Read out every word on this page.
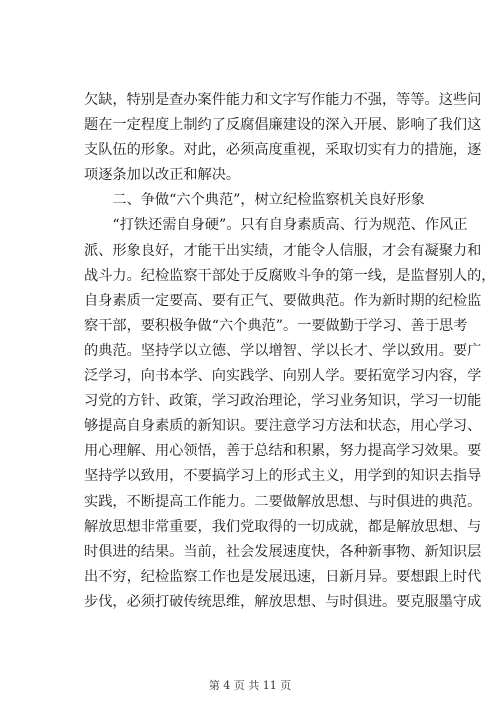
欠缺，特别是查办案件能力和文字写作能力不强，等等。这些问
题在一定程度上制约了反腐倡廉建设的深入开展、影响了我们这
支队伍的形象。对此，必须高度重视，采取切实有力的措施，逐
项逐条加以改正和解决。
　　二、争做“六个典范”，树立纪检监察机关良好形象
　　“打铁还需自身硬”。只有自身素质高、行为规范、作风正
派、形象良好，才能干出实绩，才能令人信服，才会有凝聚力和
战斗力。纪检监察干部处于反腐败斗争的第一线，是监督别人的，
自身素质一定要高、要有正气、要做典范。作为新时期的纪检监
察干部，要积极争做“六个典范”。一要做勤于学习、善于思考
的典范。坚持学以立德、学以增智、学以长才、学以致用。要广
泛学习，向书本学、向实践学、向别人学。要拓宽学习内容，学
习党的方针、政策，学习政治理论，学习业务知识，学习一切能
够提高自身素质的新知识。要注意学习方法和状态，用心学习、
用心理解、用心领悟，善于总结和积累，努力提高学习效果。要
坚持学以致用，不要搞学习上的形式主义，用学到的知识去指导
实践，不断提高工作能力。二要做解放思想、与时俱进的典范。
解放思想非常重要，我们党取得的一切成就，都是解放思想、与
时俱进的结果。当前，社会发展速度快，各种新事物、新知识层
出不穷，纪检监察工作也是发展迅速，日新月异。要想跟上时代
步伐，必须打破传统思维，解放思想、与时俱进。要克服墨守成
第 4 页 共 11 页
